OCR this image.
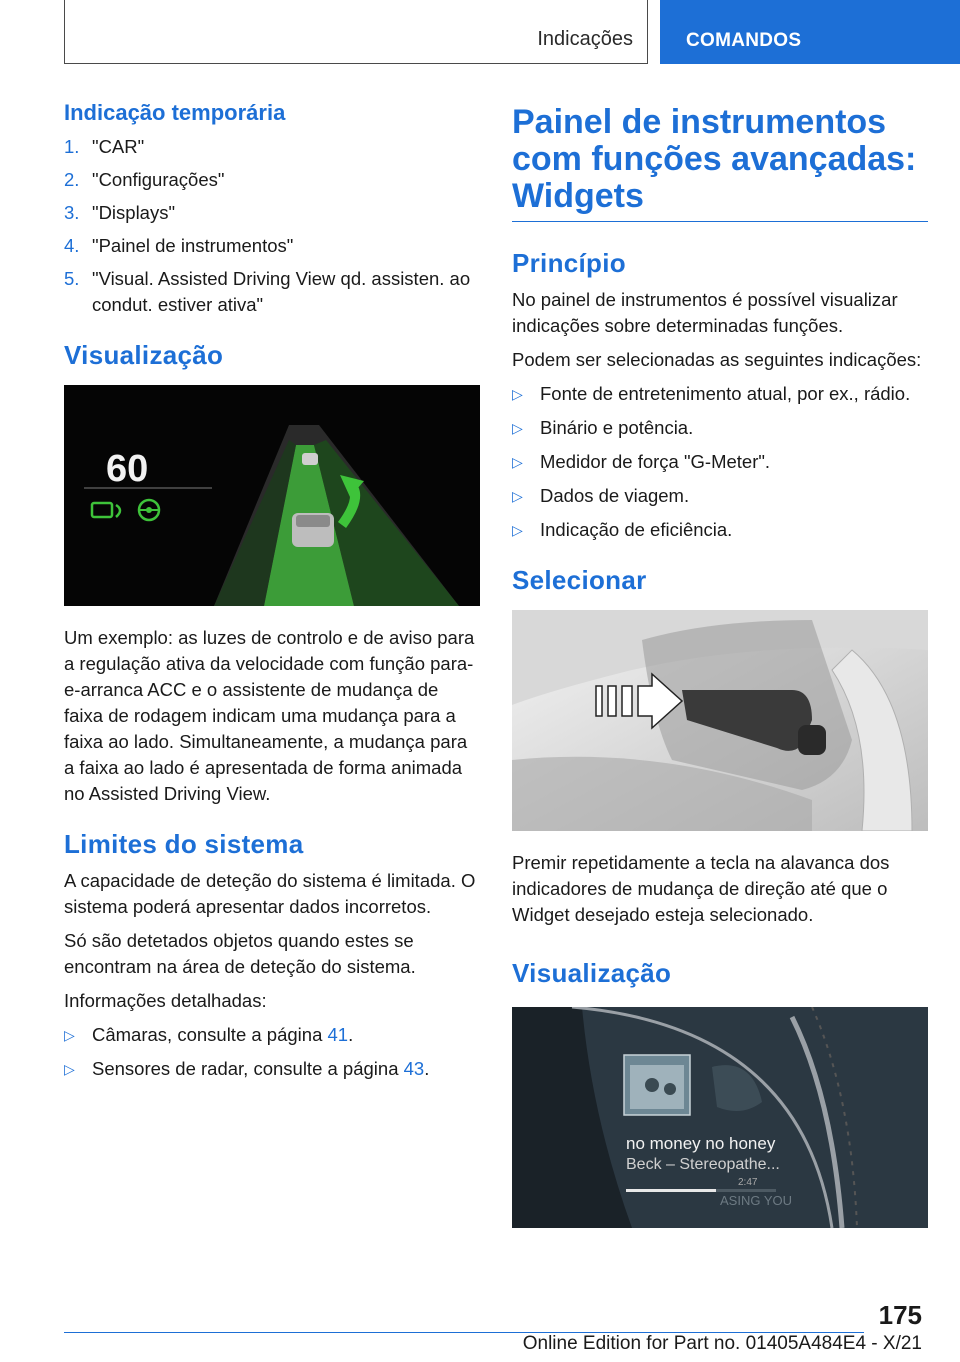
Indicações	COMANDOS
Indicação temporária
1. "CAR"
2. "Configurações"
3. "Displays"
4. "Painel de instrumentos"
5. "Visual. Assisted Driving View qd. assisten. ao condut. estiver ativa"
Visualização
60

Um exemplo: as luzes de controlo e de aviso para a regulação ativa da velocidade com função para-e-arranca ACC e o assistente de mudança de faixa de rodagem indicam uma mudança para a faixa ao lado. Simultaneamente, a mudança para a faixa ao lado é apresentada de forma animada no Assisted Driving View.

Limites do sistema

A capacidade de deteção do sistema é limitada. O sistema poderá apresentar dados incorretos.

Só são detetados objetos quando estes se encontram na área de deteção do sistema.

Informações detalhadas:

▷ Câmaras, consulte a página 41.
▷ Sensores de radar, consulte a página 43.
Painel de instrumentos com funções avançadas: Widgets
Princípio

No painel de instrumentos é possível visualizar indicações sobre determinadas funções.

Podem ser selecionadas as seguintes indicações:

▷ Fonte de entretenimento atual, por ex., rádio.
▷ Binário e potência.
▷ Medidor de força "G-Meter".
▷ Dados de viagem.
▷ Indicação de eficiência.
Selecionar

Premir repetidamente a tecla na alavanca dos indicadores de mudança de direção até que o Widget desejado esteja selecionado.

Visualização
no money no honey
Beck – Stereopathe...
2:47
ASING YOU
175
Online Edition for Part no. 01405A484E4 - X/21
